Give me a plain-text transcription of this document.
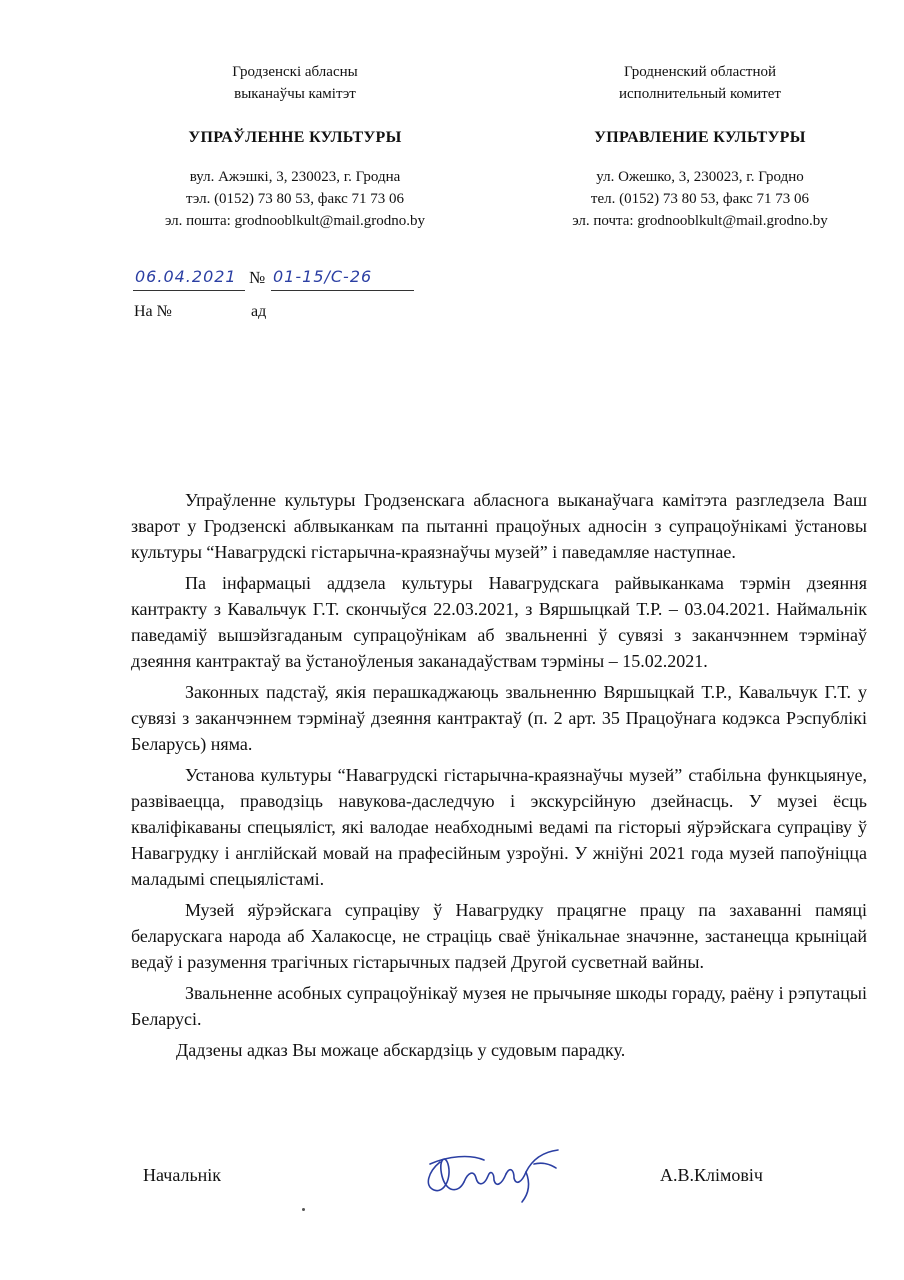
Гродзенскі абласны
выканаўчы камітэт
УПРАЎЛЕННЕ КУЛЬТУРЫ
вул. Ажэшкі, 3, 230023, г. Гродна
тэл. (0152) 73 80 53, факс 71 73 06
эл. пошта: grodnooblkult@mail.grodno.by
Гродненский областной
исполнительный комитет
УПРАВЛЕНИЕ КУЛЬТУРЫ
ул. Ожешко, 3, 230023, г. Гродно
тел. (0152) 73 80 53, факс 71 73 06
эл. почта: grodnooblkult@mail.grodno.by
06.04.2021 № 01-15/С-26
На №	ад

Упраўленне культуры Гродзенскага абласнога выканаўчага камітэта разгледзела Ваш зварот у Гродзенскі аблвыканкам па пытанні працоўных адносін з супрацоўнікамі ўстановы культуры “Навагрудскі гістарычна-краязнаўчы музей” і паведамляе наступнае.

Па інфармацыі аддзела культуры Навагрудскага райвыканкама тэрмін дзеяння кантракту з Кавальчук Г.Т. скончыўся 22.03.2021, з Вяршыцкай Т.Р. – 03.04.2021. Наймальнік паведаміў вышэйзгаданым супрацоўнікам аб звальненні ў сувязі з заканчэннем тэрмінаў дзеяння кантрактаў ва ўстаноўленыя заканадаўствам тэрміны – 15.02.2021.

Законных падстаў, якія перашкаджаюць звальненню Вяршыцкай Т.Р., Кавальчук Г.Т. у сувязі з заканчэннем тэрмінаў дзеяння кантрактаў (п. 2 арт. 35 Працоўнага кодэкса Рэспублікі Беларусь) няма.

Установа культуры “Навагрудскі гістарычна-краязнаўчы музей” стабільна функцыянуе, развіваецца, праводзіць навукова-даследчую і экскурсійную дзейнасць. У музеі ёсць кваліфікаваны спецыяліст, які валодае неабходнымі ведамі па гісторыі яўрэйскага супраціву ў Навагрудку і англійскай мовай на прафесійным узроўні. У жніўні 2021 года музей папоўніцца маладымі спецыялістамі.

Музей яўрэйскага супраціву ў Навагрудку працягне працу па захаванні памяці беларускага народа аб Халакосце, не страціць сваё ўнікальнае значэнне, застанецца крыніцай ведаў і разумення трагічных гістарычных падзей Другой сусветнай вайны.

Звальненне асобных супрацоўнікаў музея не прычыняе шкоды гораду, раёну і рэпутацыі Беларусі.

Дадзены адказ Вы можаце абскардзіць у судовым парадку.

Начальнік	А.В.Клімовіч
